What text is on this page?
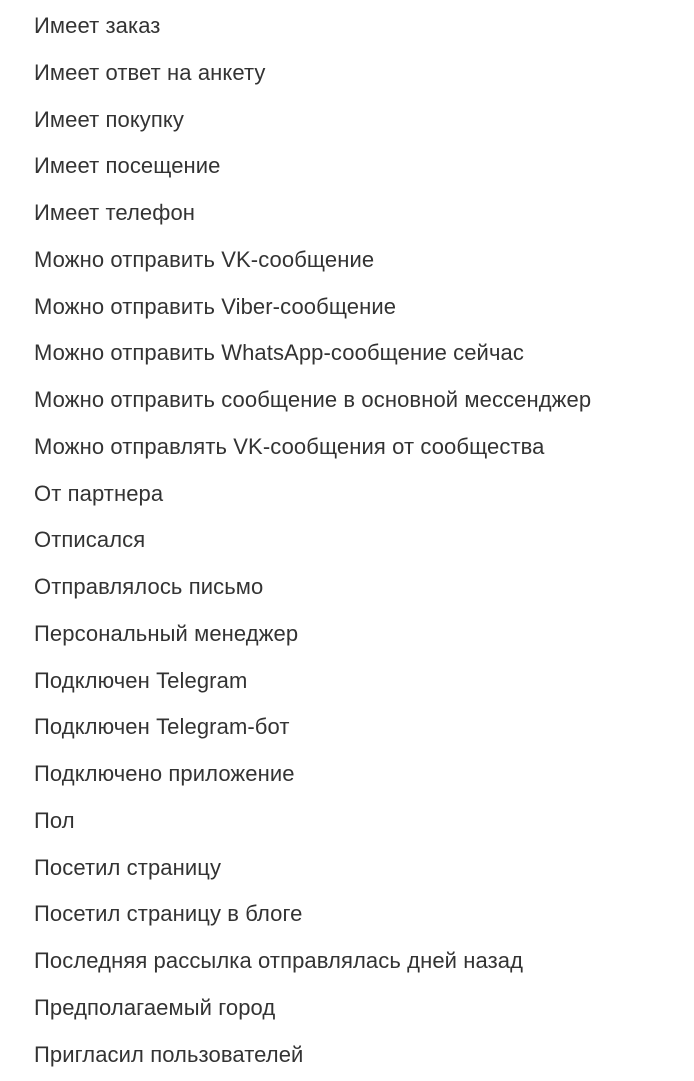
Имеет заказ
Имеет ответ на анкету
Имеет покупку
Имеет посещение
Имеет телефон
Можно отправить VK-сообщение
Можно отправить Viber-сообщение
Можно отправить WhatsApp-сообщение сейчас
Можно отправить сообщение в основной мессенджер
Можно отправлять VK-сообщения от сообщества
От партнера
Отписался
Отправлялось письмо
Персональный менеджер
Подключен Telegram
Подключен Telegram-бот
Подключено приложение
Пол
Посетил страницу
Посетил страницу в блоге
Последняя рассылка отправлялась дней назад
Предполагаемый город
Пригласил пользователей
